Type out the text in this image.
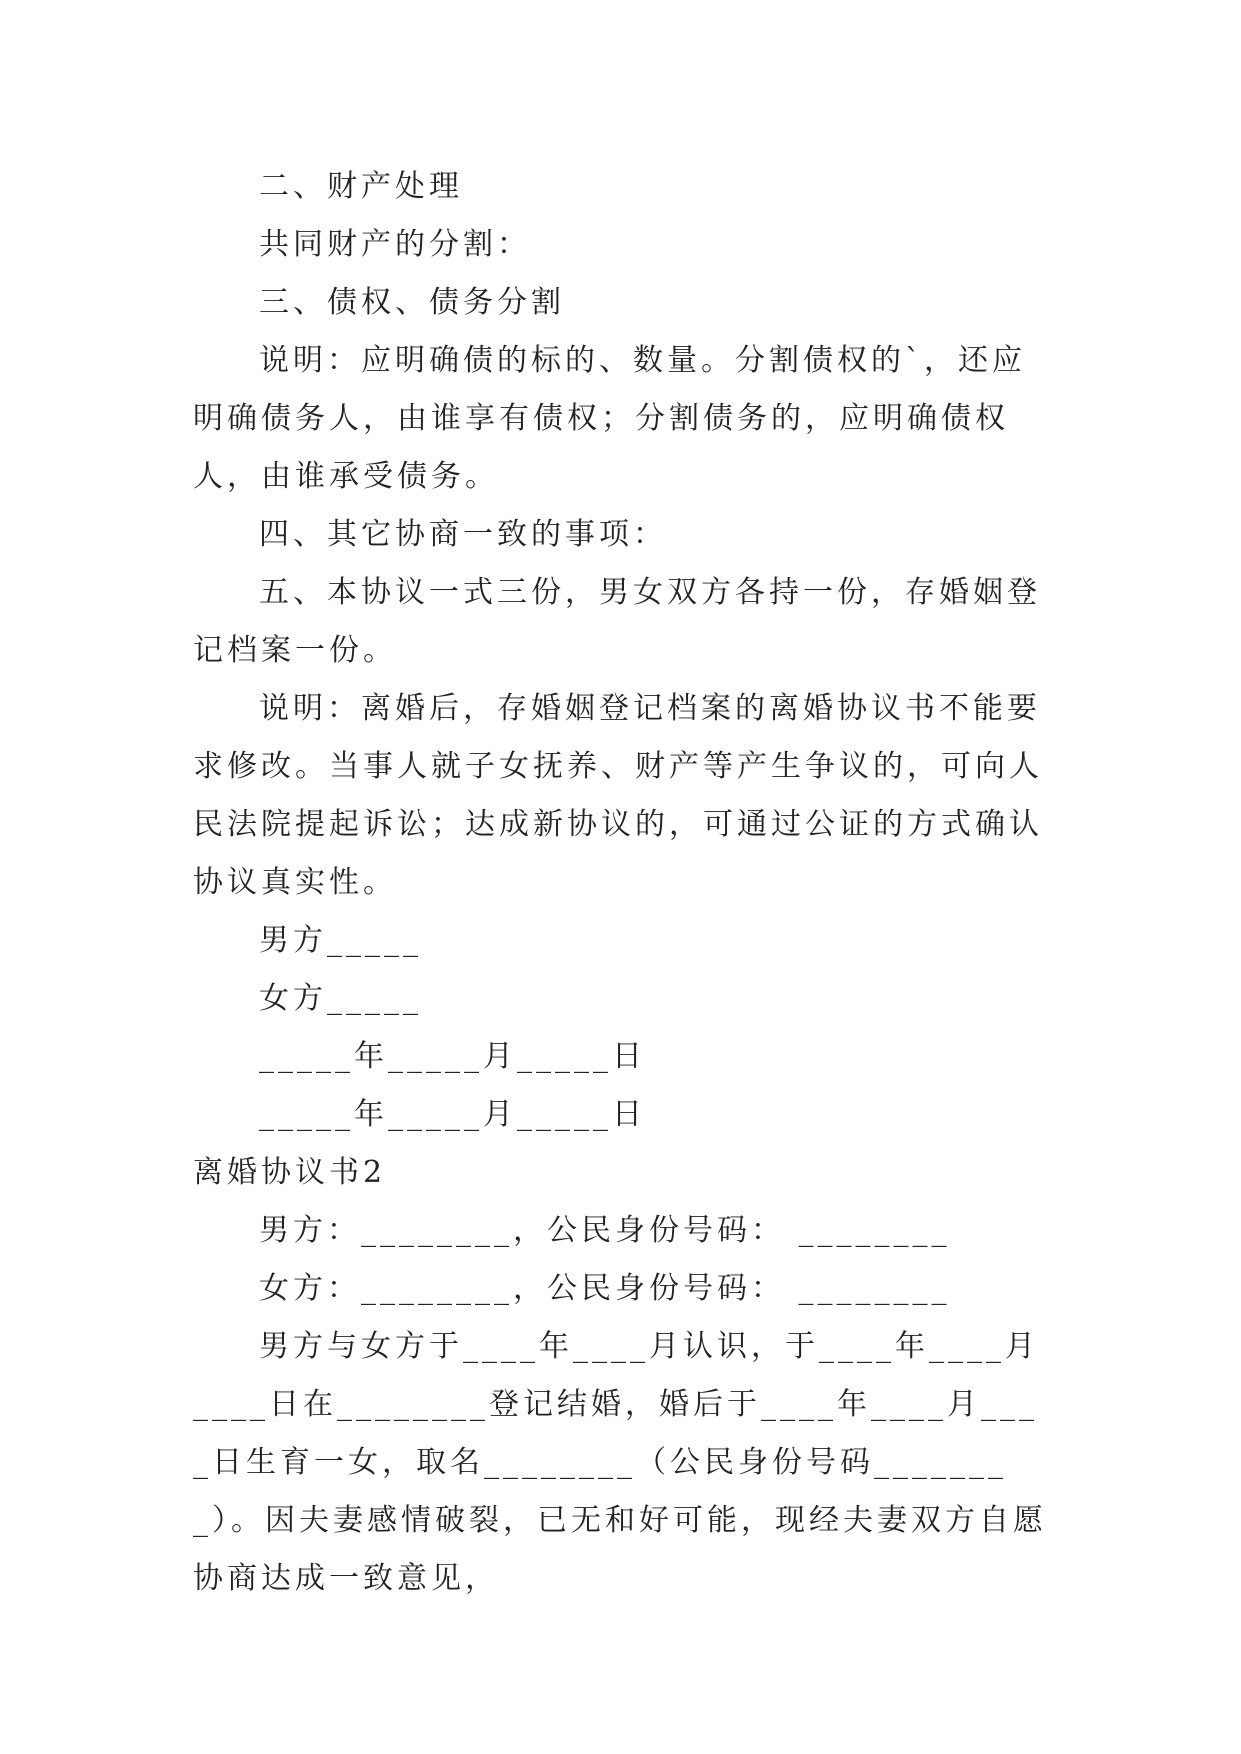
二、财产处理

共同财产的分割：

三、债权、债务分割

说明：应明确债的标的、数量。分割债权的`，还应明确债务人，由谁享有债权；分割债务的，应明确债权人，由谁承受债务。

四、其它协商一致的事项：

五、本协议一式三份，男女双方各持一份，存婚姻登记档案一份。

说明：离婚后，存婚姻登记档案的离婚协议书不能要求修改。当事人就子女抚养、财产等产生争议的，可向人民法院提起诉讼；达成新协议的，可通过公证的方式确认协议真实性。

男方_____

女方_____

_____年_____月_____日

_____年_____月_____日

离婚协议书2

男方：________，公民身份号码： ________

女方：________，公民身份号码： ________

男方与女方于____年____月认识，于____年____月____日在________登记结婚，婚后于____年____月____日生育一女，取名________（公民身份号码________）。因夫妻感情破裂，已无和好可能，现经夫妻双方自愿协商达成一致意见，
